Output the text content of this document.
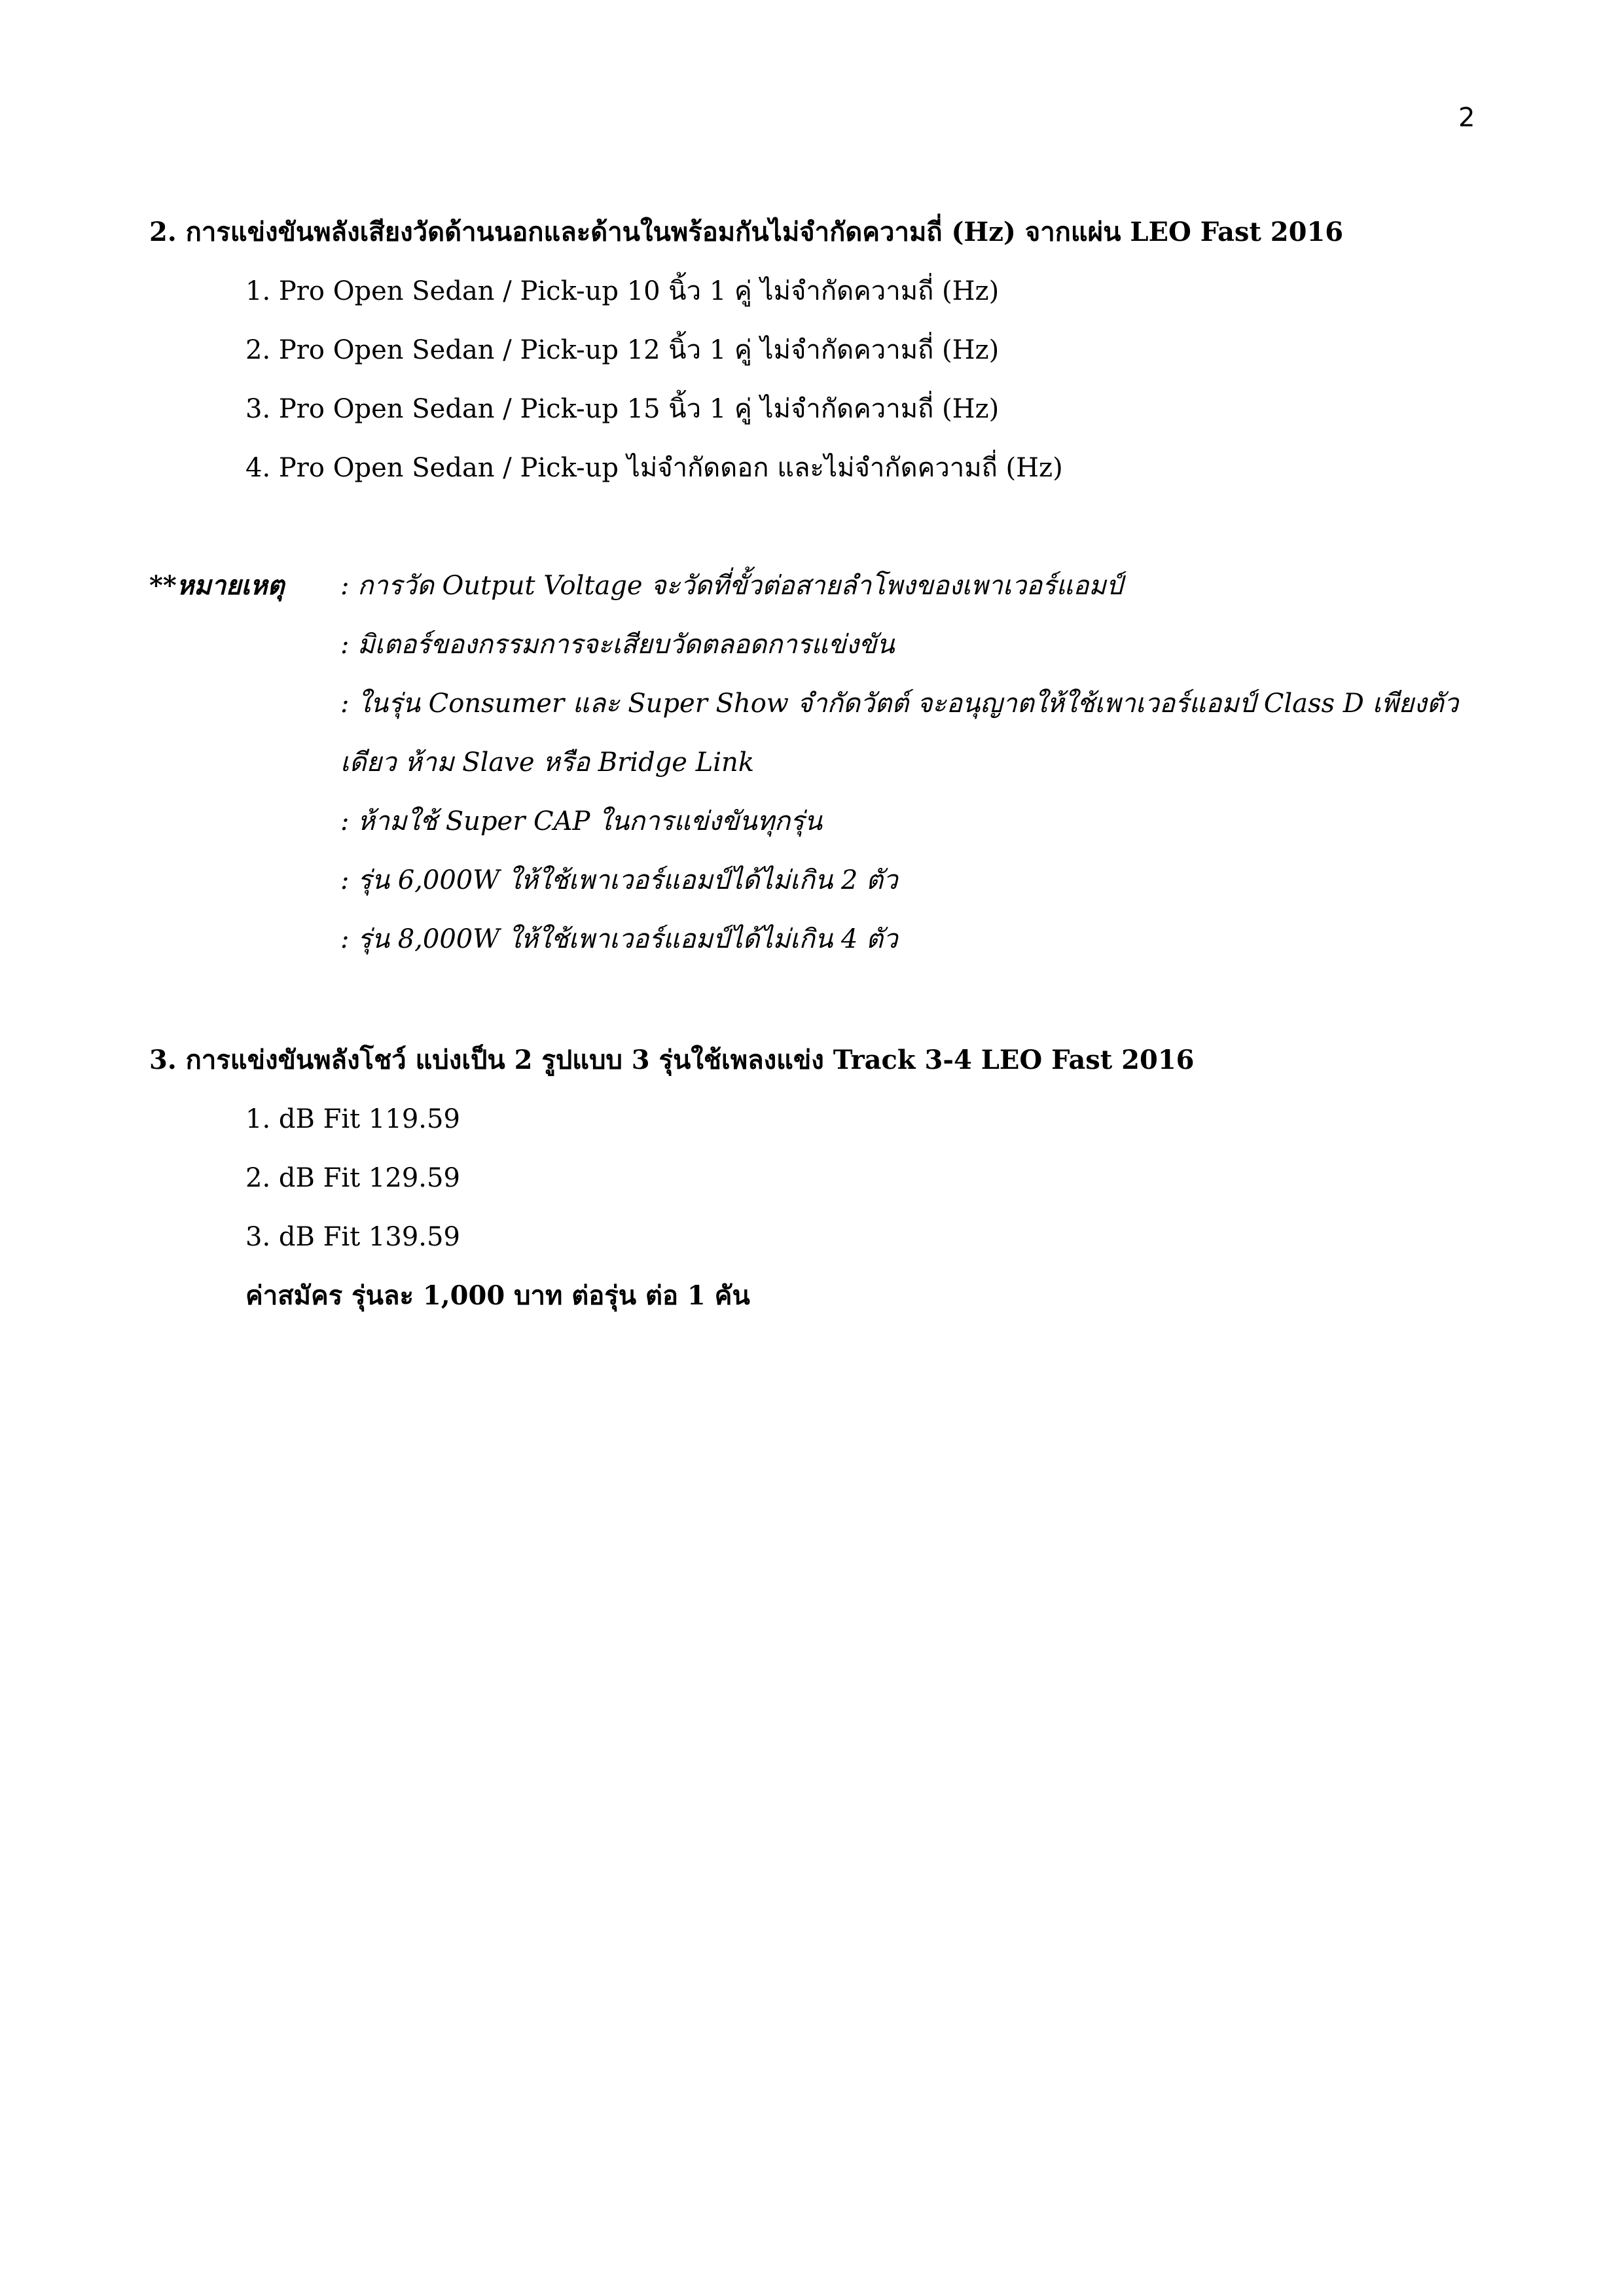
2
2. การแข่งขันพลังเสียงวัดด้านนอกและด้านในพร้อมกันไม่จำกัดความถี่ (Hz) จากแผ่น LEO Fast 2016
1. Pro Open Sedan / Pick-up 10 นิ้ว 1 คู่ ไม่จำกัดความถี่ (Hz)
2. Pro Open Sedan / Pick-up 12 นิ้ว 1 คู่ ไม่จำกัดความถี่ (Hz)
3. Pro Open Sedan / Pick-up 15 นิ้ว 1 คู่ ไม่จำกัดความถี่ (Hz)
4. Pro Open Sedan / Pick-up ไม่จำกัดดอก และไม่จำกัดความถี่ (Hz)
**หมายเหตุ : การวัด Output Voltage จะวัดที่ขั้วต่อสายลำโพงของเพาเวอร์แอมป์
: มิเตอร์ของกรรมการจะเสียบวัดตลอดการแข่งขัน
: ในรุ่น Consumer และ Super Show จำกัดวัตต์ จะอนุญาตให้ใช้เพาเวอร์แอมป์ Class D เพียงตัว
เดียว ห้าม Slave หรือ Bridge Link
: ห้ามใช้ Super CAP ในการแข่งขันทุกรุ่น
: รุ่น 6,000W ให้ใช้เพาเวอร์แอมป์ได้ไม่เกิน 2 ตัว
: รุ่น 8,000W ให้ใช้เพาเวอร์แอมป์ได้ไม่เกิน 4 ตัว
3. การแข่งขันพลังโชว์ แบ่งเป็น 2 รูปแบบ 3 รุ่นใช้เพลงแข่ง Track 3-4 LEO Fast 2016
1. dB Fit 119.59
2. dB Fit 129.59
3. dB Fit 139.59
ค่าสมัคร รุ่นละ 1,000 บาท ต่อรุ่น ต่อ 1 คัน
